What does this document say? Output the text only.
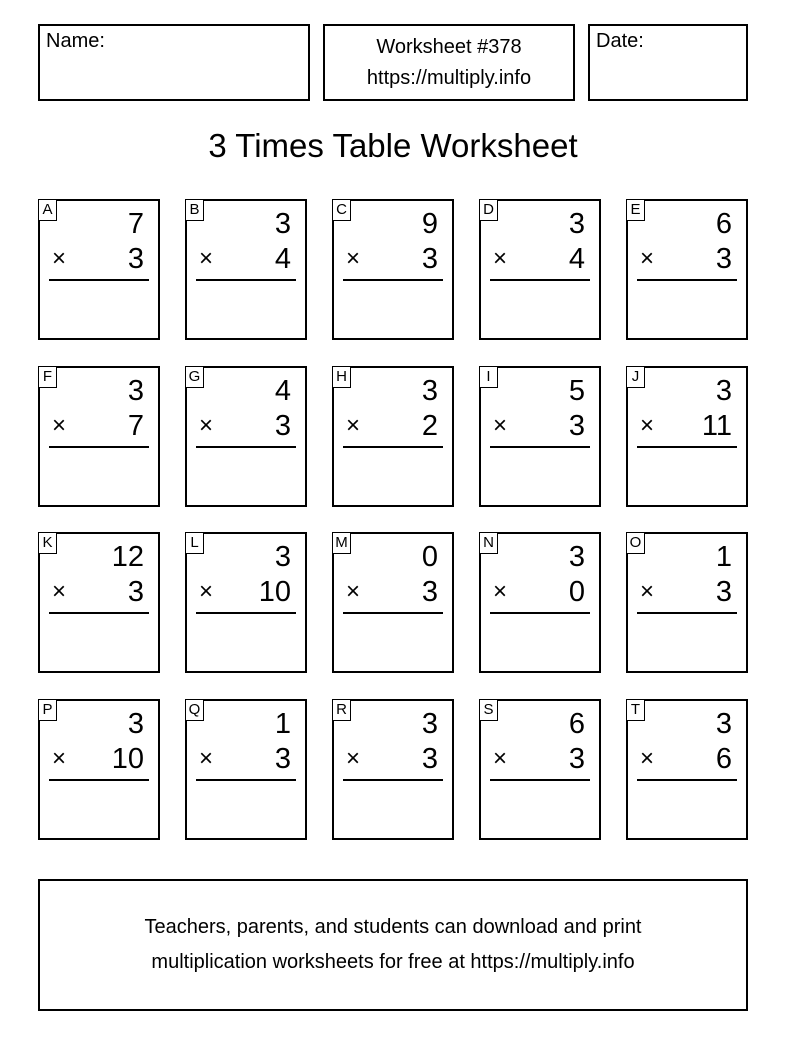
Name:	Worksheet #378
https://multiply.info
Date:
3 Times Table Worksheet
A	7
× 3
B	3
× 4
C	9
× 3
D	3
× 4
E	6
× 3
F	3
× 7
G	4
× 3
H	3
× 2
I	5
× 3
J	3
× 11
K 12
× 3
L	3
× 10
M	0
× 3
N	3
× 0
O	1
× 3
P	3
× 10
Q	1
× 3
R	3
× 3
S	6
× 3
T	3
× 6
Teachers, parents, and students can download and print
multiplication worksheets for free at https://multiply.info
